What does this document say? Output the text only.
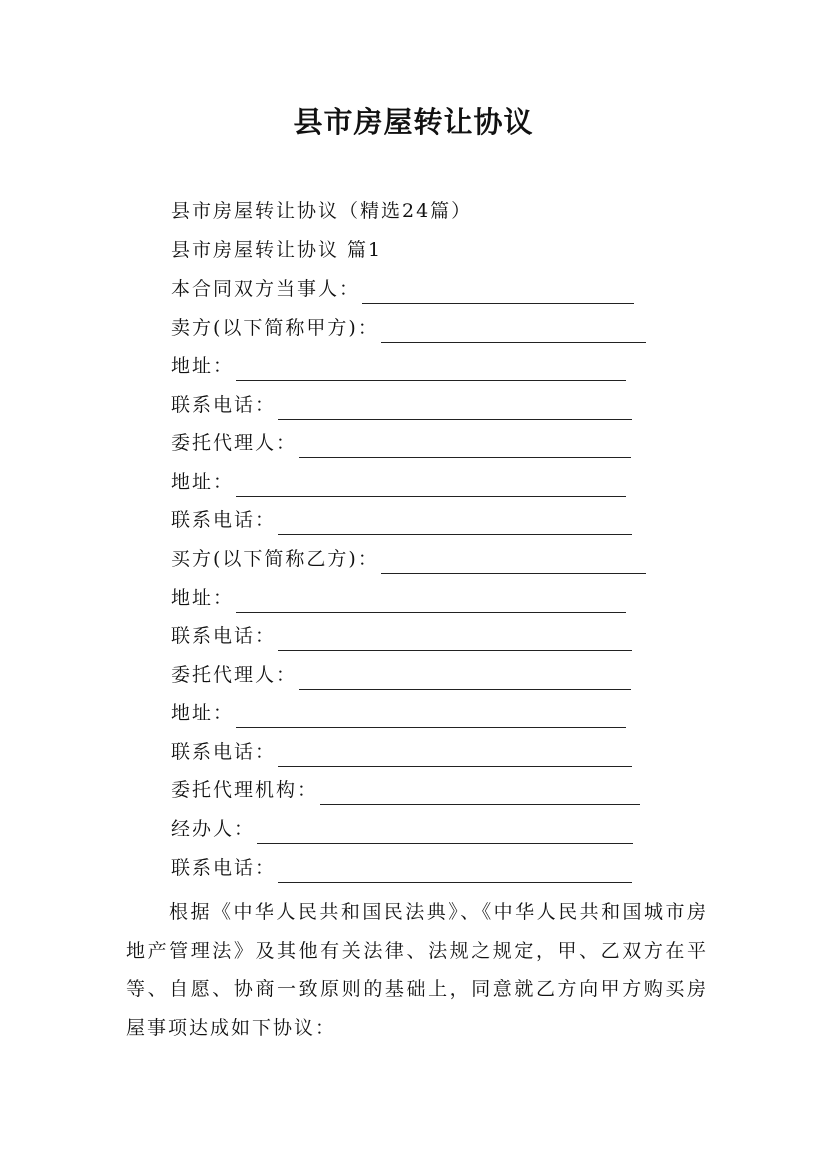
县市房屋转让协议
县市房屋转让协议（精选24篇）
县市房屋转让协议 篇1
本合同双方当事人：
卖方(以下简称甲方)：
地址：
联系电话：
委托代理人：
地址：
联系电话：
买方(以下简称乙方)：
地址：
联系电话：
委托代理人：
地址：
联系电话：
委托代理机构：
经办人：
联系电话：

根据《中华人民共和国民法典》、《中华人民共和国城市房地产管理法》及其他有关法律、法规之规定，甲、乙双方在平等、自愿、协商一致原则的基础上，同意就乙方向甲方购买房屋事项达成如下协议：
